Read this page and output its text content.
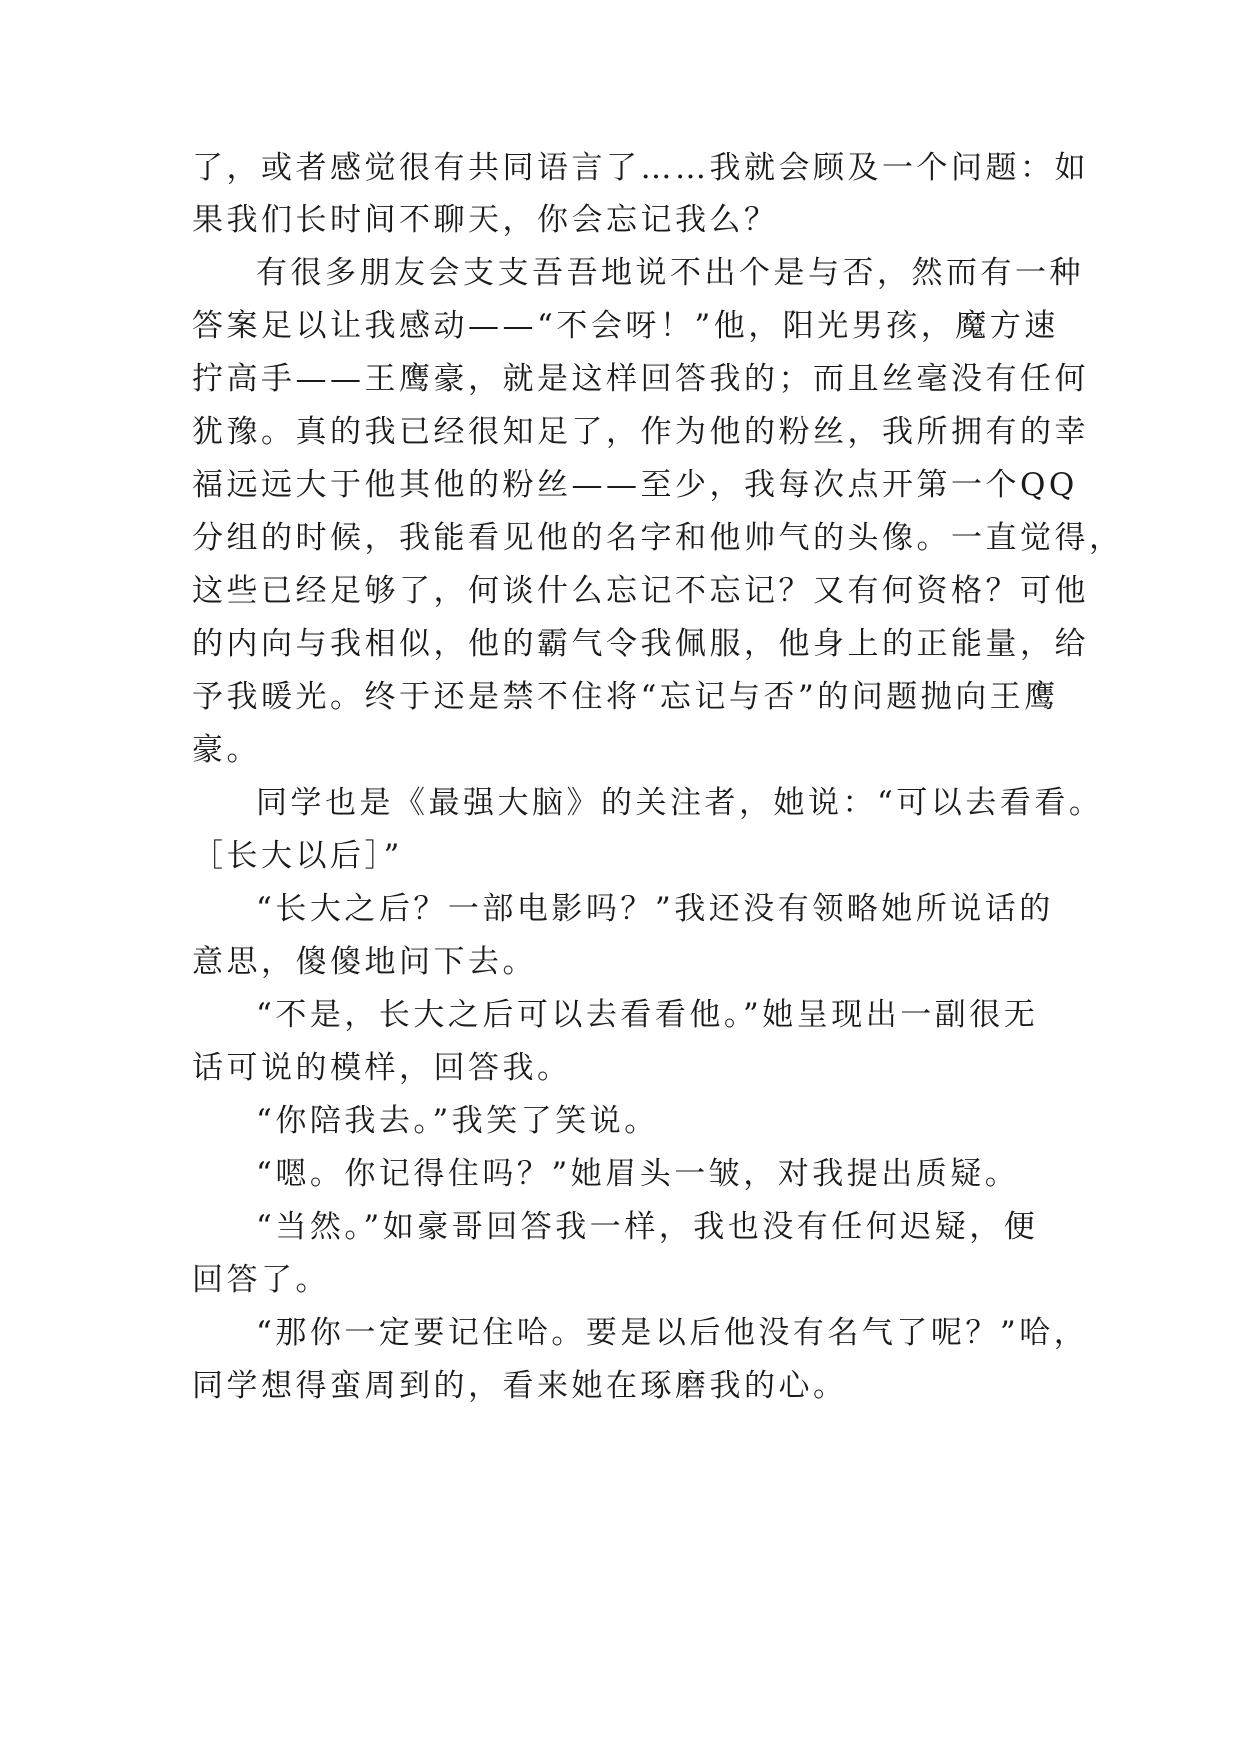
了，或者感觉很有共同语言了……我就会顾及一个问题：如

果我们长时间不聊天，你会忘记我么？

有很多朋友会支支吾吾地说不出个是与否，然而有一种

答案足以让我感动——“不会呀！”他，阳光男孩，魔方速

拧高手——王鹰豪，就是这样回答我的；而且丝毫没有任何

犹豫。真的我已经很知足了，作为他的粉丝，我所拥有的幸

福远远大于他其他的粉丝——至少，我每次点开第一个QQ

分组的时候，我能看见他的名字和他帅气的头像。一直觉得，

这些已经足够了，何谈什么忘记不忘记？又有何资格？可他

的内向与我相似，他的霸气令我佩服，他身上的正能量，给

予我暖光。终于还是禁不住将“忘记与否”的问题抛向王鹰

豪。

同学也是《最强大脑》的关注者，她说：“可以去看看。

［长大以后］”

“长大之后？一部电影吗？”我还没有领略她所说话的

意思，傻傻地问下去。

“不是，长大之后可以去看看他。”她呈现出一副很无

话可说的模样，回答我。

“你陪我去。”我笑了笑说。

“嗯。你记得住吗？”她眉头一皱，对我提出质疑。

“当然。”如豪哥回答我一样，我也没有任何迟疑，便

回答了。

“那你一定要记住哈。要是以后他没有名气了呢？”哈，

同学想得蛮周到的，看来她在琢磨我的心。
